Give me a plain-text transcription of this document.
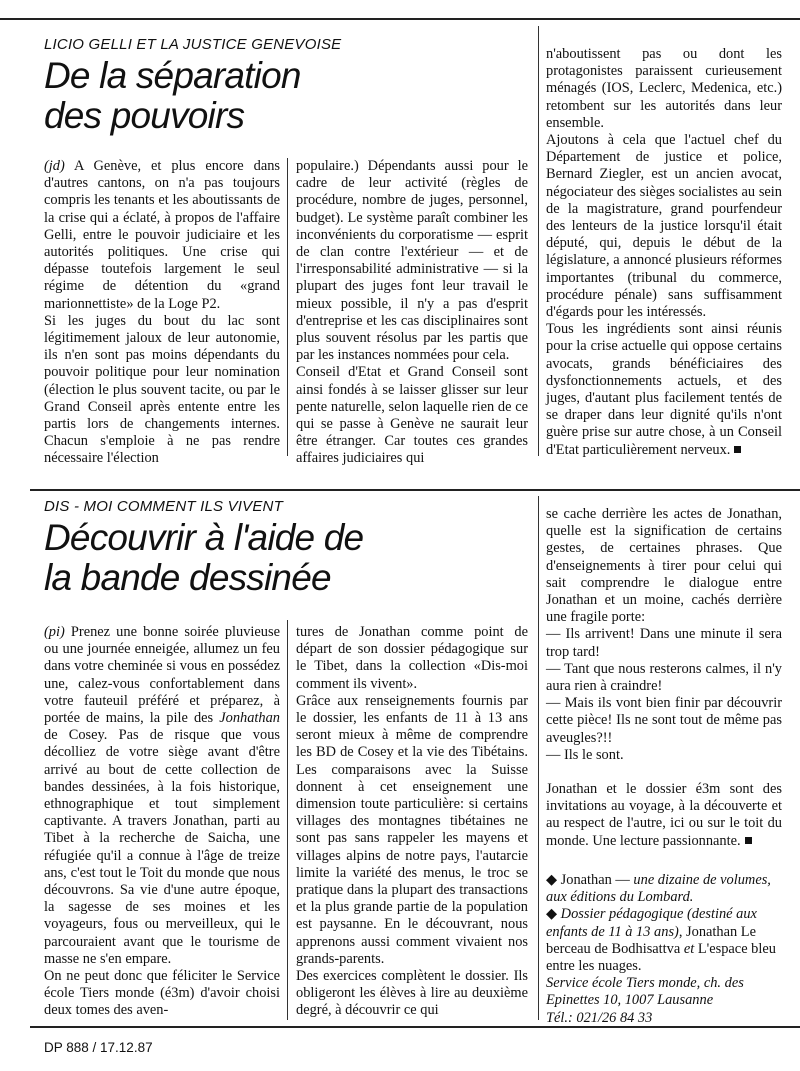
LICIO GELLI ET LA JUSTICE GENEVOISE
De la séparation
des pouvoirs

(jd) A Genève, et plus encore dans d'autres cantons, on n'a pas toujours compris les tenants et les aboutissants de la crise qui a éclaté, à propos de l'affaire Gelli, entre le pouvoir judiciaire et les autorités politiques. Une crise qui dépasse toutefois largement le seul régime de détention du «grand marionnettiste» de la Loge P2.

Si les juges du bout du lac sont légitimement jaloux de leur autonomie, ils n'en sont pas moins dépendants du pouvoir politique pour leur nomination (élection le plus souvent tacite, ou par le Grand Conseil après entente entre les partis lors de changements internes. Chacun s'emploie à ne pas rendre nécessaire l'élection

populaire.) Dépendants aussi pour le cadre de leur activité (règles de procédure, nombre de juges, personnel, budget). Le système paraît combiner les inconvénients du corporatisme — esprit de clan contre l'extérieur — et de l'irresponsabilité administrative — si la plupart des juges font leur travail le mieux possible, il n'y a pas d'esprit d'entreprise et les cas disciplinaires sont plus souvent résolus par les partis que par les instances nommées pour cela.

Conseil d'Etat et Grand Conseil sont ainsi fondés à se laisser glisser sur leur pente naturelle, selon laquelle rien de ce qui se passe à Genève ne saurait leur être étranger. Car toutes ces grandes affaires judiciaires qui

n'aboutissent pas ou dont les protagonistes paraissent curieusement ménagés (IOS, Leclerc, Medenica, etc.) retombent sur les autorités dans leur ensemble.

Ajoutons à cela que l'actuel chef du Département de justice et police, Bernard Ziegler, est un ancien avocat, négociateur des sièges socialistes au sein de la magistrature, grand pourfendeur des lenteurs de la justice lorsqu'il était député, qui, depuis le début de la législature, a annoncé plusieurs réformes importantes (tribunal du commerce, procédure pénale) sans suffisamment d'égards pour les intéressés.

Tous les ingrédients sont ainsi réunis pour la crise actuelle qui oppose certains avocats, grands bénéficiaires des dysfonctionnements actuels, et des juges, d'autant plus facilement tentés de se draper dans leur dignité qu'ils n'ont guère prise sur autre chose, à un Conseil d'Etat particulièrement nerveux.

DIS - MOI COMMENT ILS VIVENT
Découvrir à l'aide de
la bande dessinée

(pi) Prenez une bonne soirée pluvieuse ou une journée enneigée, allumez un feu dans votre cheminée si vous en possédez une, calez-vous confortablement dans votre fauteuil préféré et préparez, à portée de mains, la pile des Jonhathan de Cosey. Pas de risque que vous décolliez de votre siège avant d'être arrivé au bout de cette collection de bandes dessinées, à la fois historique, ethnographique et tout simplement captivante. A travers Jonathan, parti au Tibet à la recherche de Saicha, une réfugiée qu'il a connue à l'âge de treize ans, c'est tout le Toit du monde que nous découvrons. Sa vie d'une autre époque, la sagesse de ses moines et les voyageurs, fous ou merveilleux, qui le parcouraient avant que le tourisme de masse ne s'en empare.

On ne peut donc que féliciter le Service école Tiers monde (é3m) d'avoir choisi deux tomes des aven-

tures de Jonathan comme point de départ de son dossier pédagogique sur le Tibet, dans la collection «Dis-moi comment ils vivent».

Grâce aux renseignements fournis par le dossier, les enfants de 11 à 13 ans seront mieux à même de comprendre les BD de Cosey et la vie des Tibétains. Les comparaisons avec la Suisse donnent à cet enseignement une dimension toute particulière: si certains villages des montagnes tibétaines ne sont pas sans rappeler les mayens et villages alpins de notre pays, l'autarcie limite la variété des menus, le troc se pratique dans la plupart des transactions et la plus grande partie de la population est paysanne. En le découvrant, nous apprenons aussi comment vivaient nos grands-parents.

Des exercices complètent le dossier. Ils obligeront les élèves à lire au deuxième degré, à découvrir ce qui

se cache derrière les actes de Jonathan, quelle est la signification de certains gestes, de certaines phrases. Que d'enseignements à tirer pour celui qui sait comprendre le dialogue entre Jonathan et un moine, cachés derrière une fragile porte:

— Ils arrivent! Dans une minute il sera trop tard!

— Tant que nous resterons calmes, il n'y aura rien à craindre!

— Mais ils vont bien finir par découvrir cette pièce! Ils ne sont tout de même pas aveugles?!!

— Ils le sont.

Jonathan et le dossier é3m sont des invitations au voyage, à la découverte et au respect de l'autre, ici ou sur le toit du monde. Une lecture passionnante.

◆ Jonathan — une dizaine de volumes, aux éditions du Lombard.
◆ Dossier pédagogique (destiné aux enfants de 11 à 13 ans), Jonathan Le berceau de Bodhisattva et L'espace bleu entre les nuages.
Service école Tiers monde, ch. des Epinettes 10, 1007 Lausanne
Tél.: 021/26 84 33
DP 888 / 17.12.87
